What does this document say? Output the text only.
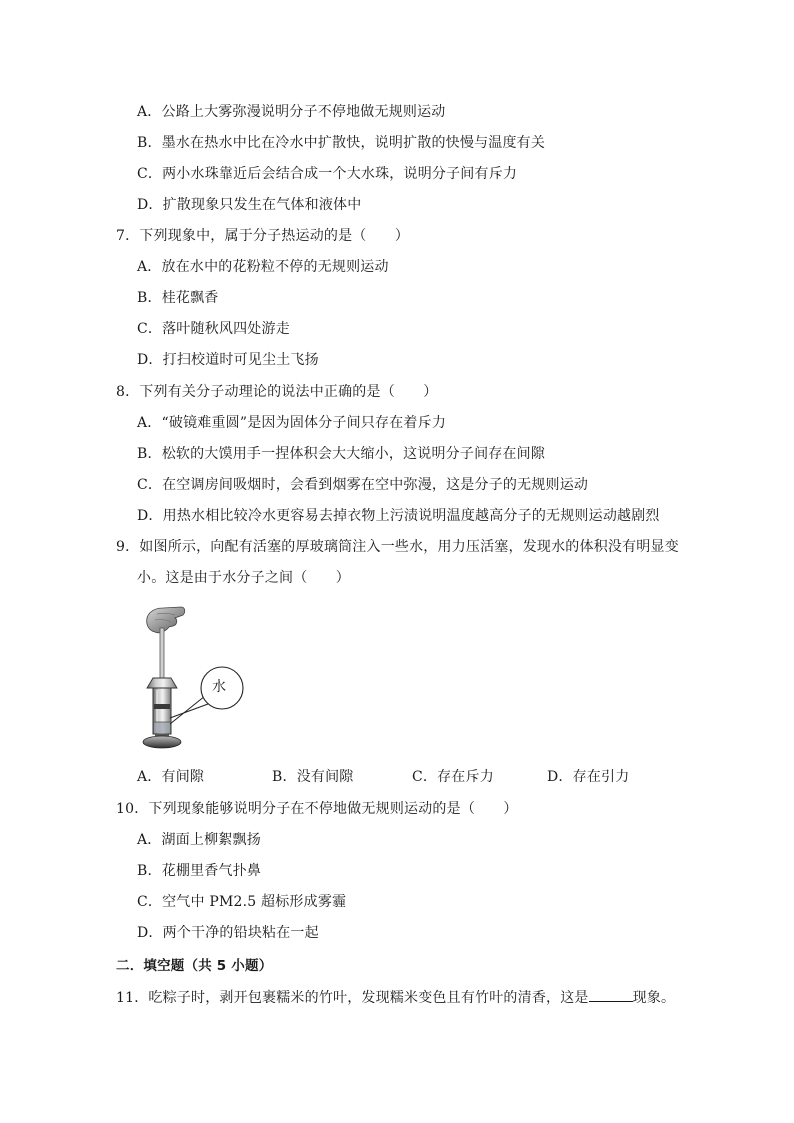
A．公路上大雾弥漫说明分子不停地做无规则运动
B．墨水在热水中比在冷水中扩散快，说明扩散的快慢与温度有关
C．两小水珠靠近后会结合成一个大水珠，说明分子间有斥力
D．扩散现象只发生在气体和液体中
7．下列现象中，属于分子热运动的是（　　）
A．放在水中的花粉粒不停的无规则运动
B．桂花飘香
C．落叶随秋风四处游走
D．打扫校道时可见尘土飞扬
8．下列有关分子动理论的说法中正确的是（　　）
A．“破镜难重圆”是因为固体分子间只存在着斥力
B．松软的大馍用手一捏体积会大大缩小，这说明分子间存在间隙
C．在空调房间吸烟时，会看到烟雾在空中弥漫，这是分子的无规则运动
D．用热水相比较冷水更容易去掉衣物上污渍说明温度越高分子的无规则运动越剧烈
9．如图所示，向配有活塞的厚玻璃筒注入一些水，用力压活塞，发现水的体积没有明显变
小。这是由于水分子之间（　　）
水
A．有间隙	B．没有间隙	C．存在斥力	D．存在引力
10．下列现象能够说明分子在不停地做无规则运动的是（　　）
A．湖面上柳絮飘扬
B．花棚里香气扑鼻
C．空气中 PM2.5 超标形成雾霾
D．两个干净的铅块粘在一起
二．填空题（共 5 小题）
11．吃粽子时，剥开包裹糯米的竹叶，发现糯米变色且有竹叶的清香，这是	现象。
